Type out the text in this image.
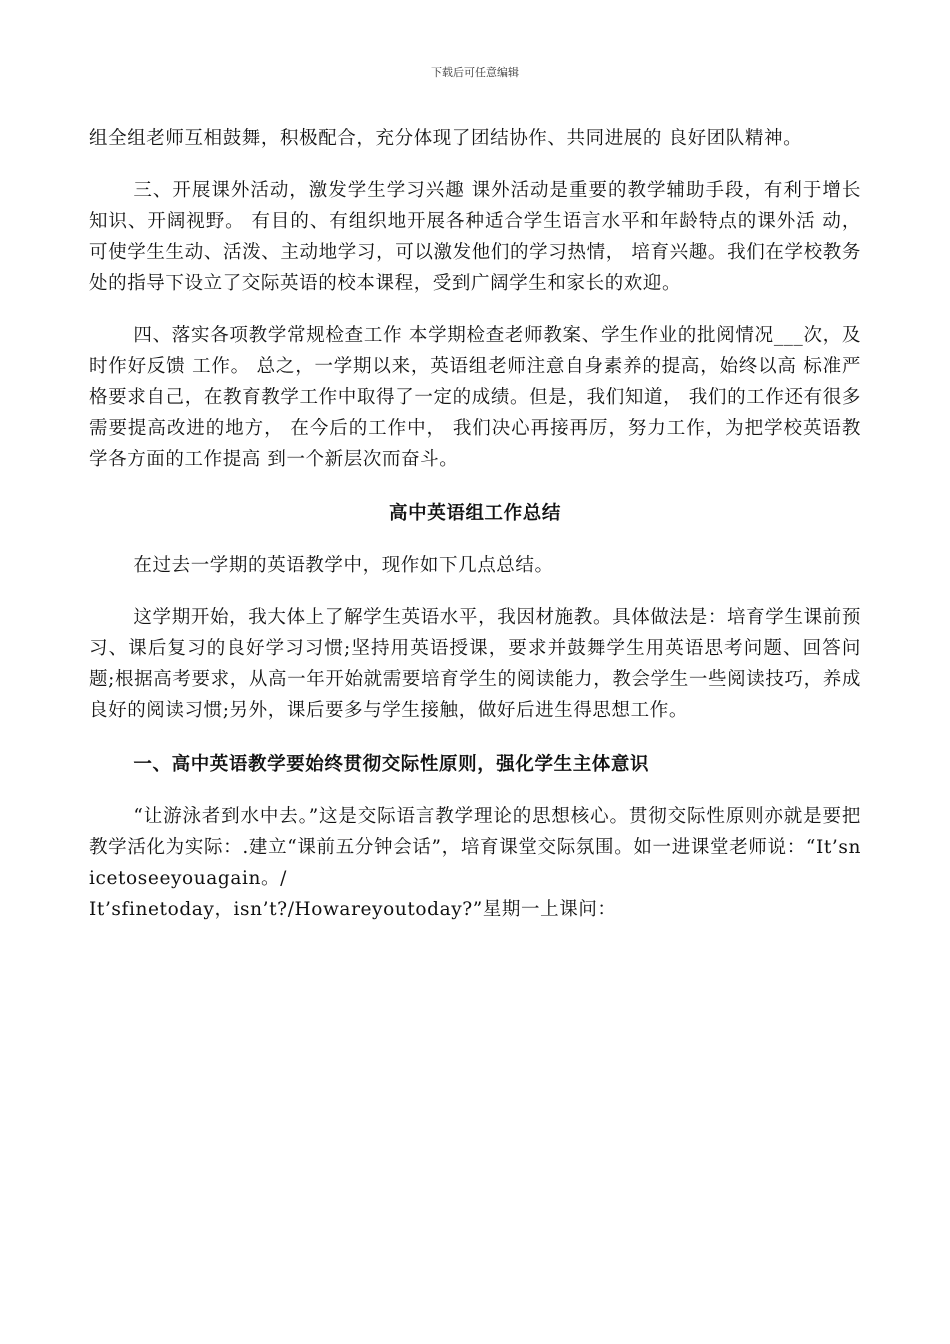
下载后可任意编辑

组全组老师互相鼓舞，积极配合，充分体现了团结协作、共同进展的 良好团队精神。

三、开展课外活动，激发学生学习兴趣 课外活动是重要的教学辅助手段，有利于增长知识、开阔视野。 有目的、有组织地开展各种适合学生语言水平和年龄特点的课外活 动，可使学生生动、活泼、主动地学习，可以激发他们的学习热情， 培育兴趣。我们在学校教务处的指导下设立了交际英语的校本课程，受到广阔学生和家长的欢迎。

四、落实各项教学常规检查工作 本学期检查老师教案、学生作业的批阅情况___次，及时作好反馈 工作。 总之，一学期以来，英语组老师注意自身素养的提高，始终以高 标准严格要求自己，在教育教学工作中取得了一定的成绩。但是，我们知道， 我们的工作还有很多需要提高改进的地方， 在今后的工作中， 我们决心再接再厉，努力工作，为把学校英语教学各方面的工作提高 到一个新层次而奋斗。

高中英语组工作总结

在过去一学期的英语教学中，现作如下几点总结。

这学期开始，我大体上了解学生英语水平，我因材施教。具体做法是：培育学生课前预习、课后复习的良好学习习惯;坚持用英语授课，要求并鼓舞学生用英语思考问题、回答问题;根据高考要求，从高一年开始就需要培育学生的阅读能力，教会学生一些阅读技巧，养成良好的阅读习惯;另外，课后要多与学生接触，做好后进生得思想工作。

一、高中英语教学要始终贯彻交际性原则，强化学生主体意识

“让游泳者到水中去。”这是交际语言教学理论的思想核心。贯彻交际性原则亦就是要把教学活化为实际：.建立“课前五分钟会话”，培育课堂交际氛围。如一进课堂老师说：“It’snicetoseeyouagain。/

It’sfinetoday，isn’t?/Howareyoutoday?”星期一上课问：
